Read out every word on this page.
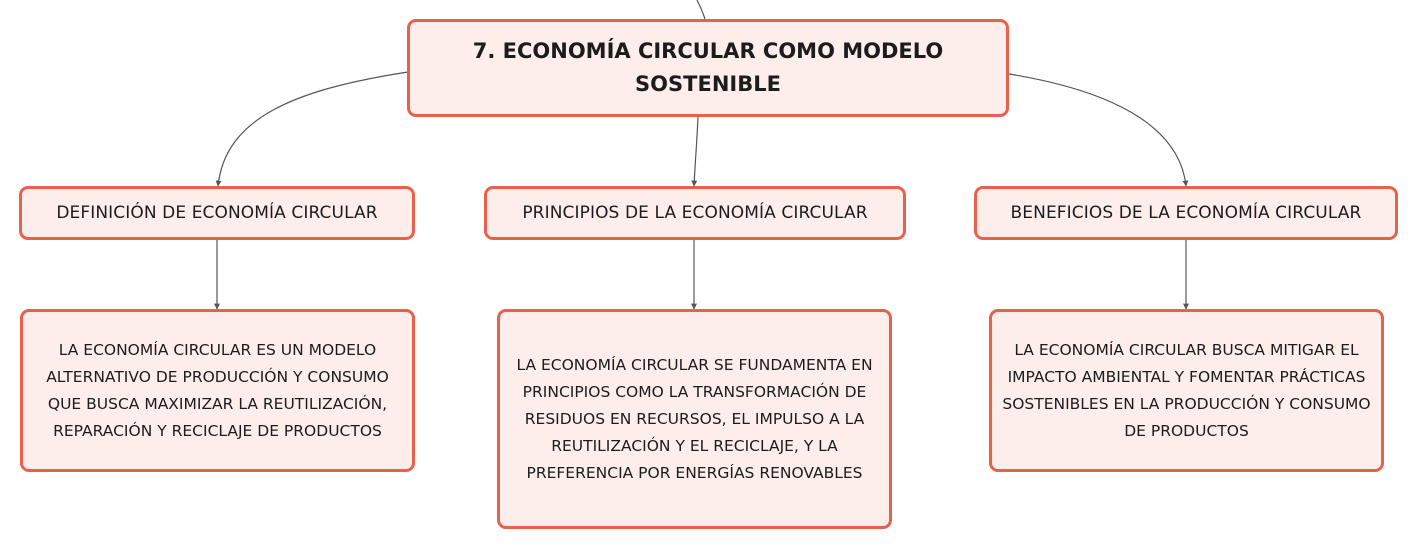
7. ECONOMÍA CIRCULAR COMO MODELO SOSTENIBLE
DEFINICIÓN DE ECONOMÍA CIRCULAR	PRINCIPIOS DE LA ECONOMÍA CIRCULAR	BENEFICIOS DE LA ECONOMÍA CIRCULAR
LA ECONOMÍA CIRCULAR ES UN MODELO ALTERNATIVO DE PRODUCCIÓN Y CONSUMO QUE BUSCA MAXIMIZAR LA REUTILIZACIÓN, REPARACIÓN Y RECICLAJE DE PRODUCTOS
LA ECONOMÍA CIRCULAR SE FUNDAMENTA EN PRINCIPIOS COMO LA TRANSFORMACIÓN DE RESIDUOS EN RECURSOS, EL IMPULSO A LA REUTILIZACIÓN Y EL RECICLAJE, Y LA PREFERENCIA POR ENERGÍAS RENOVABLES
LA ECONOMÍA CIRCULAR BUSCA MITIGAR EL IMPACTO AMBIENTAL Y FOMENTAR PRÁCTICAS SOSTENIBLES EN LA PRODUCCIÓN Y CONSUMO DE PRODUCTOS
